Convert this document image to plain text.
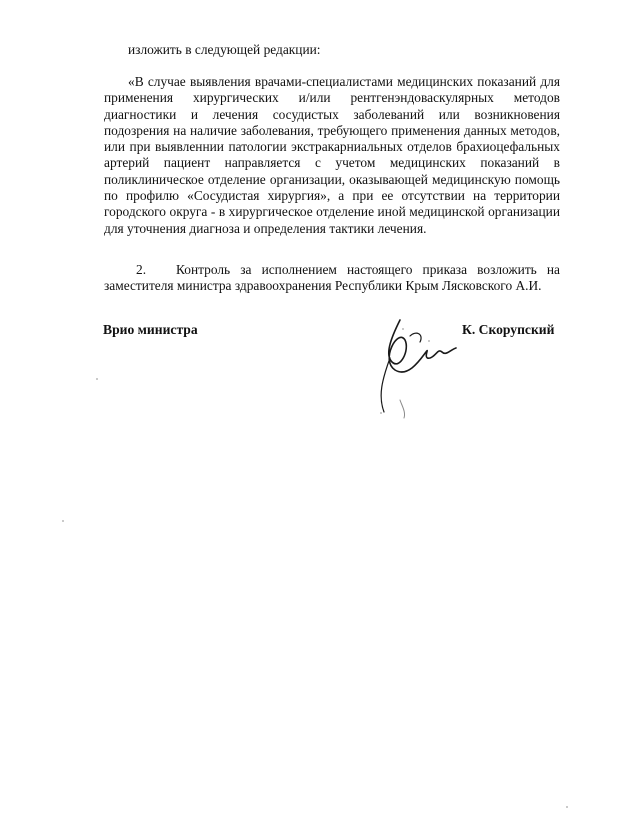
изложить в следующей редакции:
«В случае выявления врачами-специалистами медицинских показаний для применения хирургических и/или рентгенэндоваскулярных методов диагностики и лечения сосудистых заболеваний или возникновения подозрения на наличие заболевания, требующего применения данных методов, или при выявленнии патологии экстракарниальных отделов брахиоцефальных артерий пациент направляется с учетом медицинских показаний в поликлиническое отделение организации, оказывающей медицинскую помощь по профилю «Сосудистая хирургия», а при ее отсутствии на территории городского округа - в хирургическое отделение иной медицинской организации для уточнения диагноза и определения тактики лечения.
2. Контроль за исполнением настоящего приказа возложить на заместителя министра здравоохранения Республики Крым Лясковского А.И.
Врио министра	К. Скорупский
